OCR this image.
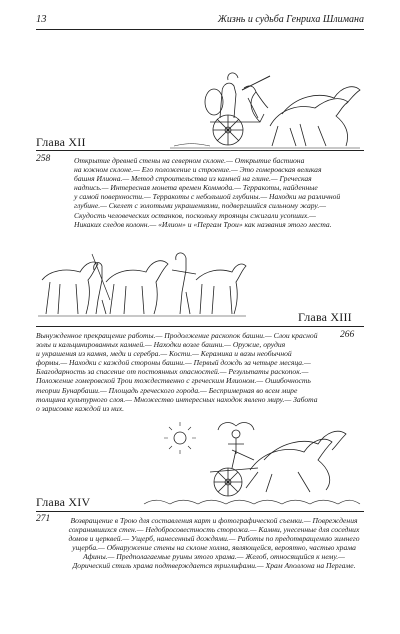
13	Жизнь и судьба Генриха Шлимана
Глава XII
258	Открытие древней стены на северном склоне.— Открытие бастиона
на южном склоне.— Его положение и строение.— Это гомеровская великая
башня Илиона.— Метод строительства из камней на глине.— Греческая
надпись.— Интересная монета времен Коммода.— Терракоты, найденные
у самой поверхности.— Терракоты с небольшой глубины.— Находки на различной
глубине.— Скелет с золотыми украшениями, подвергшийся сильному жару.—
Скудость человеческих останков, поскольку троянцы сжигали усопших.—
Никаких следов колонн.— «Илион» и «Пергам Трои» как названия этого места.
Глава XIII
266
Вынужденное прекращение работы.— Продолжение раскопок башни.— Слои красной
золы и кальцинированных камней.— Находки возле башни.— Оружие, орудия
и украшения из камня, меди и серебра.— Кости.— Керамика и вазы необычной
формы.— Находки с каждой стороны башни.— Первый дождь за четыре месяца.—
Благодарность за спасение от постоянных опасностей.— Результаты раскопок.—
Положение гомеровской Трои тождественно с греческим Илионом.— Ошибочность
теории Бунарбаши.— Площадь греческого города.— Беспримерная во всем мире
толщина культурного слоя.— Множество интересных находок явлено миру.— Забота
о зарисовке каждой из них.
Глава XIV
271	Возвращение в Трою для составления карт и фотографической съемки.— Повреждения
сохранившихся стен.— Недобросовестность сторожа.— Камни, унесенные для соседних
домов и церквей.— Ущерб, нанесенный дождями.— Работы по предотвращению зимнего
ущерба.— Обнаружение стены на склоне холма, являющейся, вероятно, частью храма
Афины.— Предполагаемые руины этого храма.— Желоб, относящийся к нему.—
Дорический стиль храма подтверждается триглифами.— Храм Аполлона на Пергаме.
